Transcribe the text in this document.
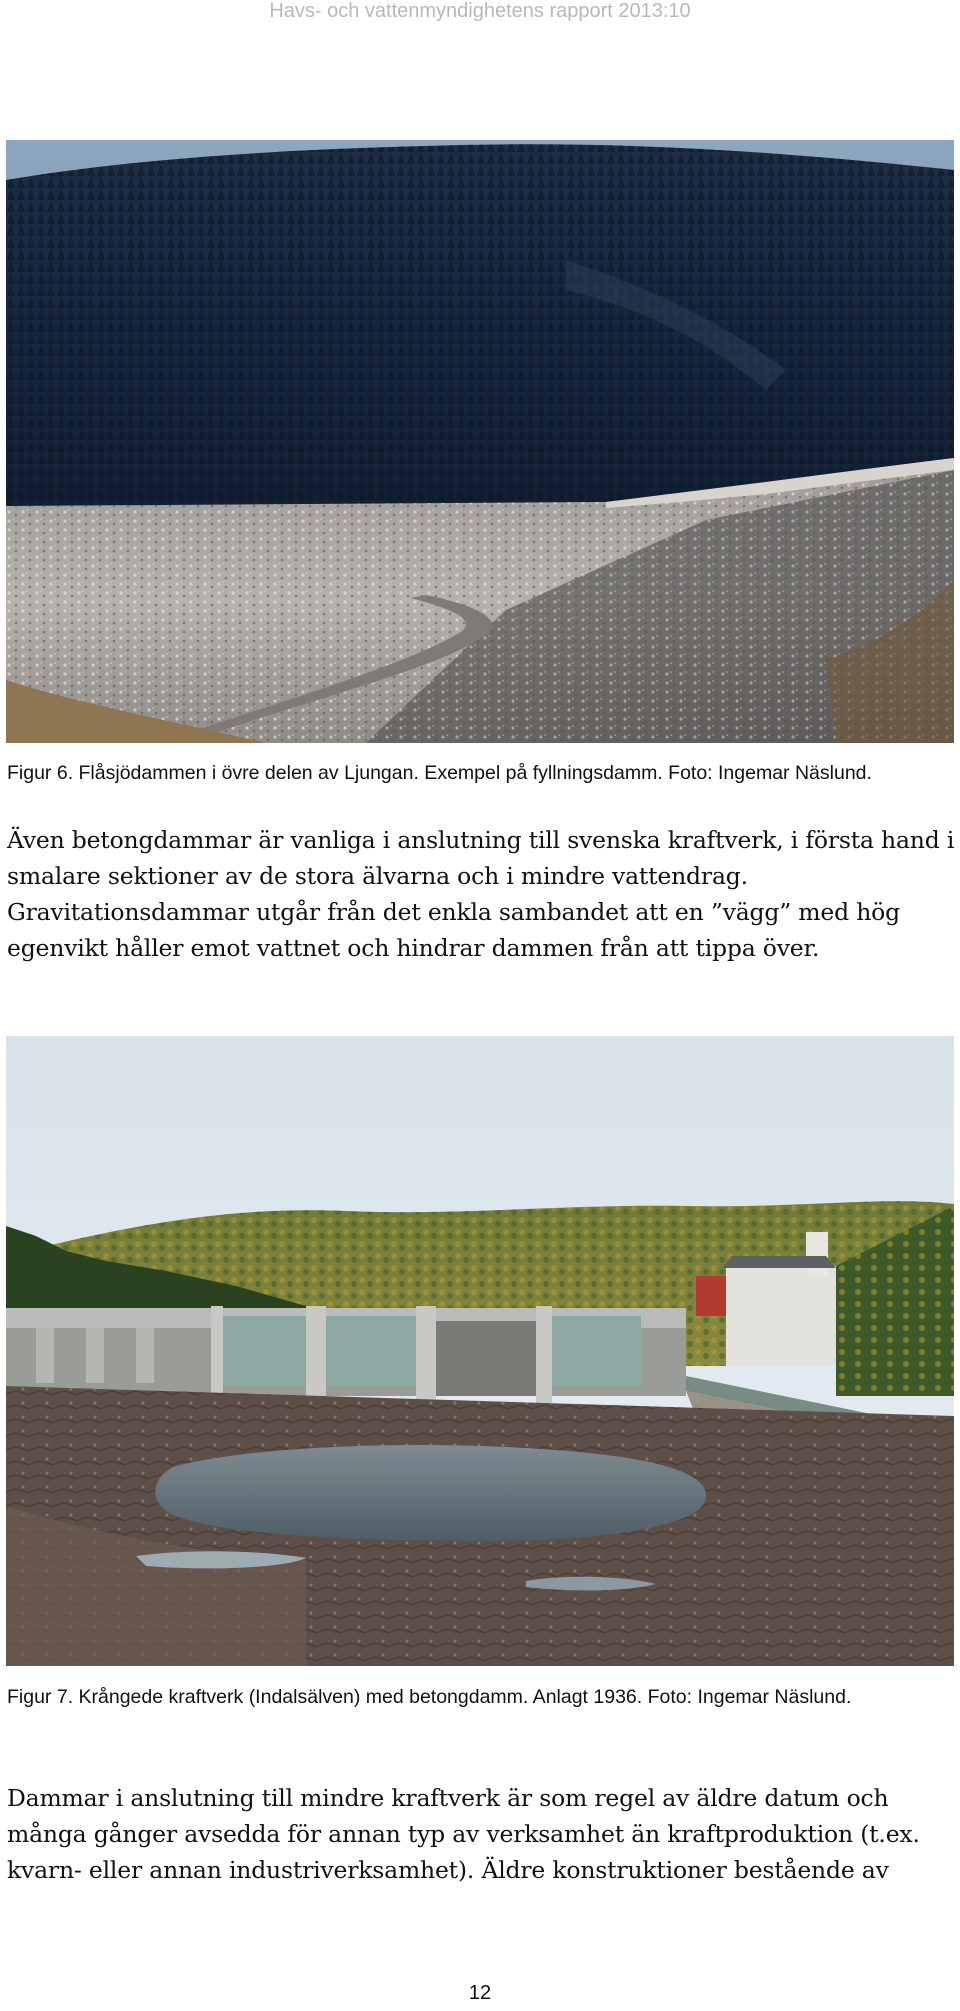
Havs- och vattenmyndighetens rapport 2013:10
Figur 6. Flåsjödammen i övre delen av Ljungan. Exempel på fyllningsdamm. Foto: Ingemar Näslund.
Även betongdammar är vanliga i anslutning till svenska kraftverk, i första hand i smalare sektioner av de stora älvarna och i mindre vattendrag. Gravitationsdammar utgår från det enkla sambandet att en ”vägg” med hög egenvikt håller emot vattnet och hindrar dammen från att tippa över.
Figur 7. Krångede kraftverk (Indalsälven) med betongdamm. Anlagt 1936. Foto: Ingemar Näslund.
Dammar i anslutning till mindre kraftverk är som regel av äldre datum och många gånger avsedda för annan typ av verksamhet än kraftproduktion (t.ex. kvarn- eller annan industriverksamhet). Äldre konstruktioner bestående av
12
